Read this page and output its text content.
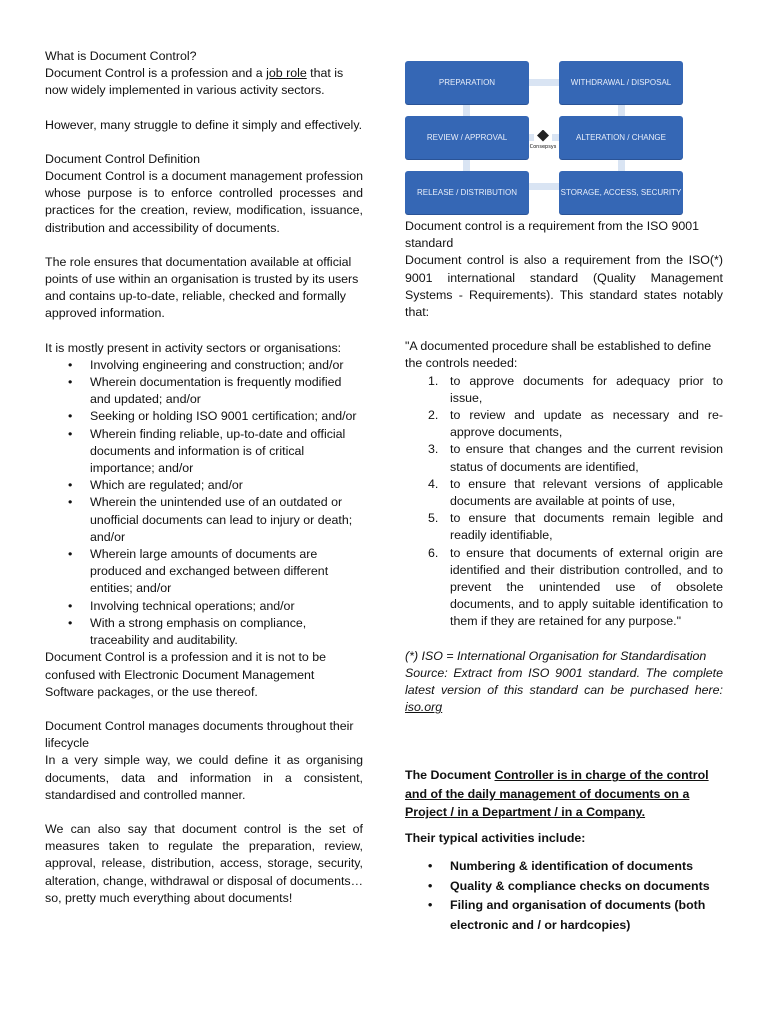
What is Document Control?

Document Control is a profession and a job role that is now widely implemented in various activity sectors.

However, many struggle to define it simply and effectively.

Document Control Definition

Document Control is a document management profession whose purpose is to enforce controlled processes and practices for the creation, review, modification, issuance, distribution and accessibility of documents.

The role ensures that documentation available at official points of use within an organisation is trusted by its users and contains up-to-date, reliable, checked and formally approved information.

It is mostly present in activity sectors or organisations:

• Involving engineering and construction; and/or
• Wherein documentation is frequently modified and updated; and/or
• Seeking or holding ISO 9001 certification; and/or
• Wherein finding reliable, up-to-date and official documents and information is of critical importance; and/or
• Which are regulated; and/or
• Wherein the unintended use of an outdated or unofficial documents can lead to injury or death; and/or
• Wherein large amounts of documents are produced and exchanged between different entities; and/or
• Involving technical operations; and/or
• With a strong emphasis on compliance, traceability and auditability.

Document Control is a profession and it is not to be confused with Electronic Document Management Software packages, or the use thereof.

Document Control manages documents throughout their lifecycle

In a very simple way, we could define it as organising documents, data and information in a consistent, standardised and controlled manner.

We can also say that document control is the set of measures taken to regulate the preparation, review, approval, release, distribution, access, storage, security, alteration, change, withdrawal or disposal of documents… so, pretty much everything about documents!

PREPARATION	WITHDRAWAL / DISPOSAL
REVIEW / APPROVAL	ALTERATION / CHANGE
RELEASE / DISTRIBUTION	STORAGE, ACCESS, SECURITY
Consepsys

Document control is a requirement from the ISO 9001 standard

Document control is also a requirement from the ISO(*) 9001 international standard (Quality Management Systems - Requirements). This standard states notably that:

"A documented procedure shall be established to define the controls needed:

1. to approve documents for adequacy prior to issue,
2. to review and update as necessary and re-approve documents,
3. to ensure that changes and the current revision status of documents are identified,
4. to ensure that relevant versions of applicable documents are available at points of use,
5. to ensure that documents remain legible and readily identifiable,
6. to ensure that documents of external origin are identified and their distribution controlled, and to prevent the unintended use of obsolete documents, and to apply suitable identification to them if they are retained for any purpose."

(*) ISO = International Organisation for Standardisation

Source: Extract from ISO 9001 standard. The complete latest version of this standard can be purchased here: iso.org

The Document Controller is in charge of the control and of the daily management of documents on a Project / in a Department / in a Company.

Their typical activities include:

• Numbering & identification of documents
• Quality & compliance checks on documents
• Filing and organisation of documents (both electronic and / or hardcopies)
